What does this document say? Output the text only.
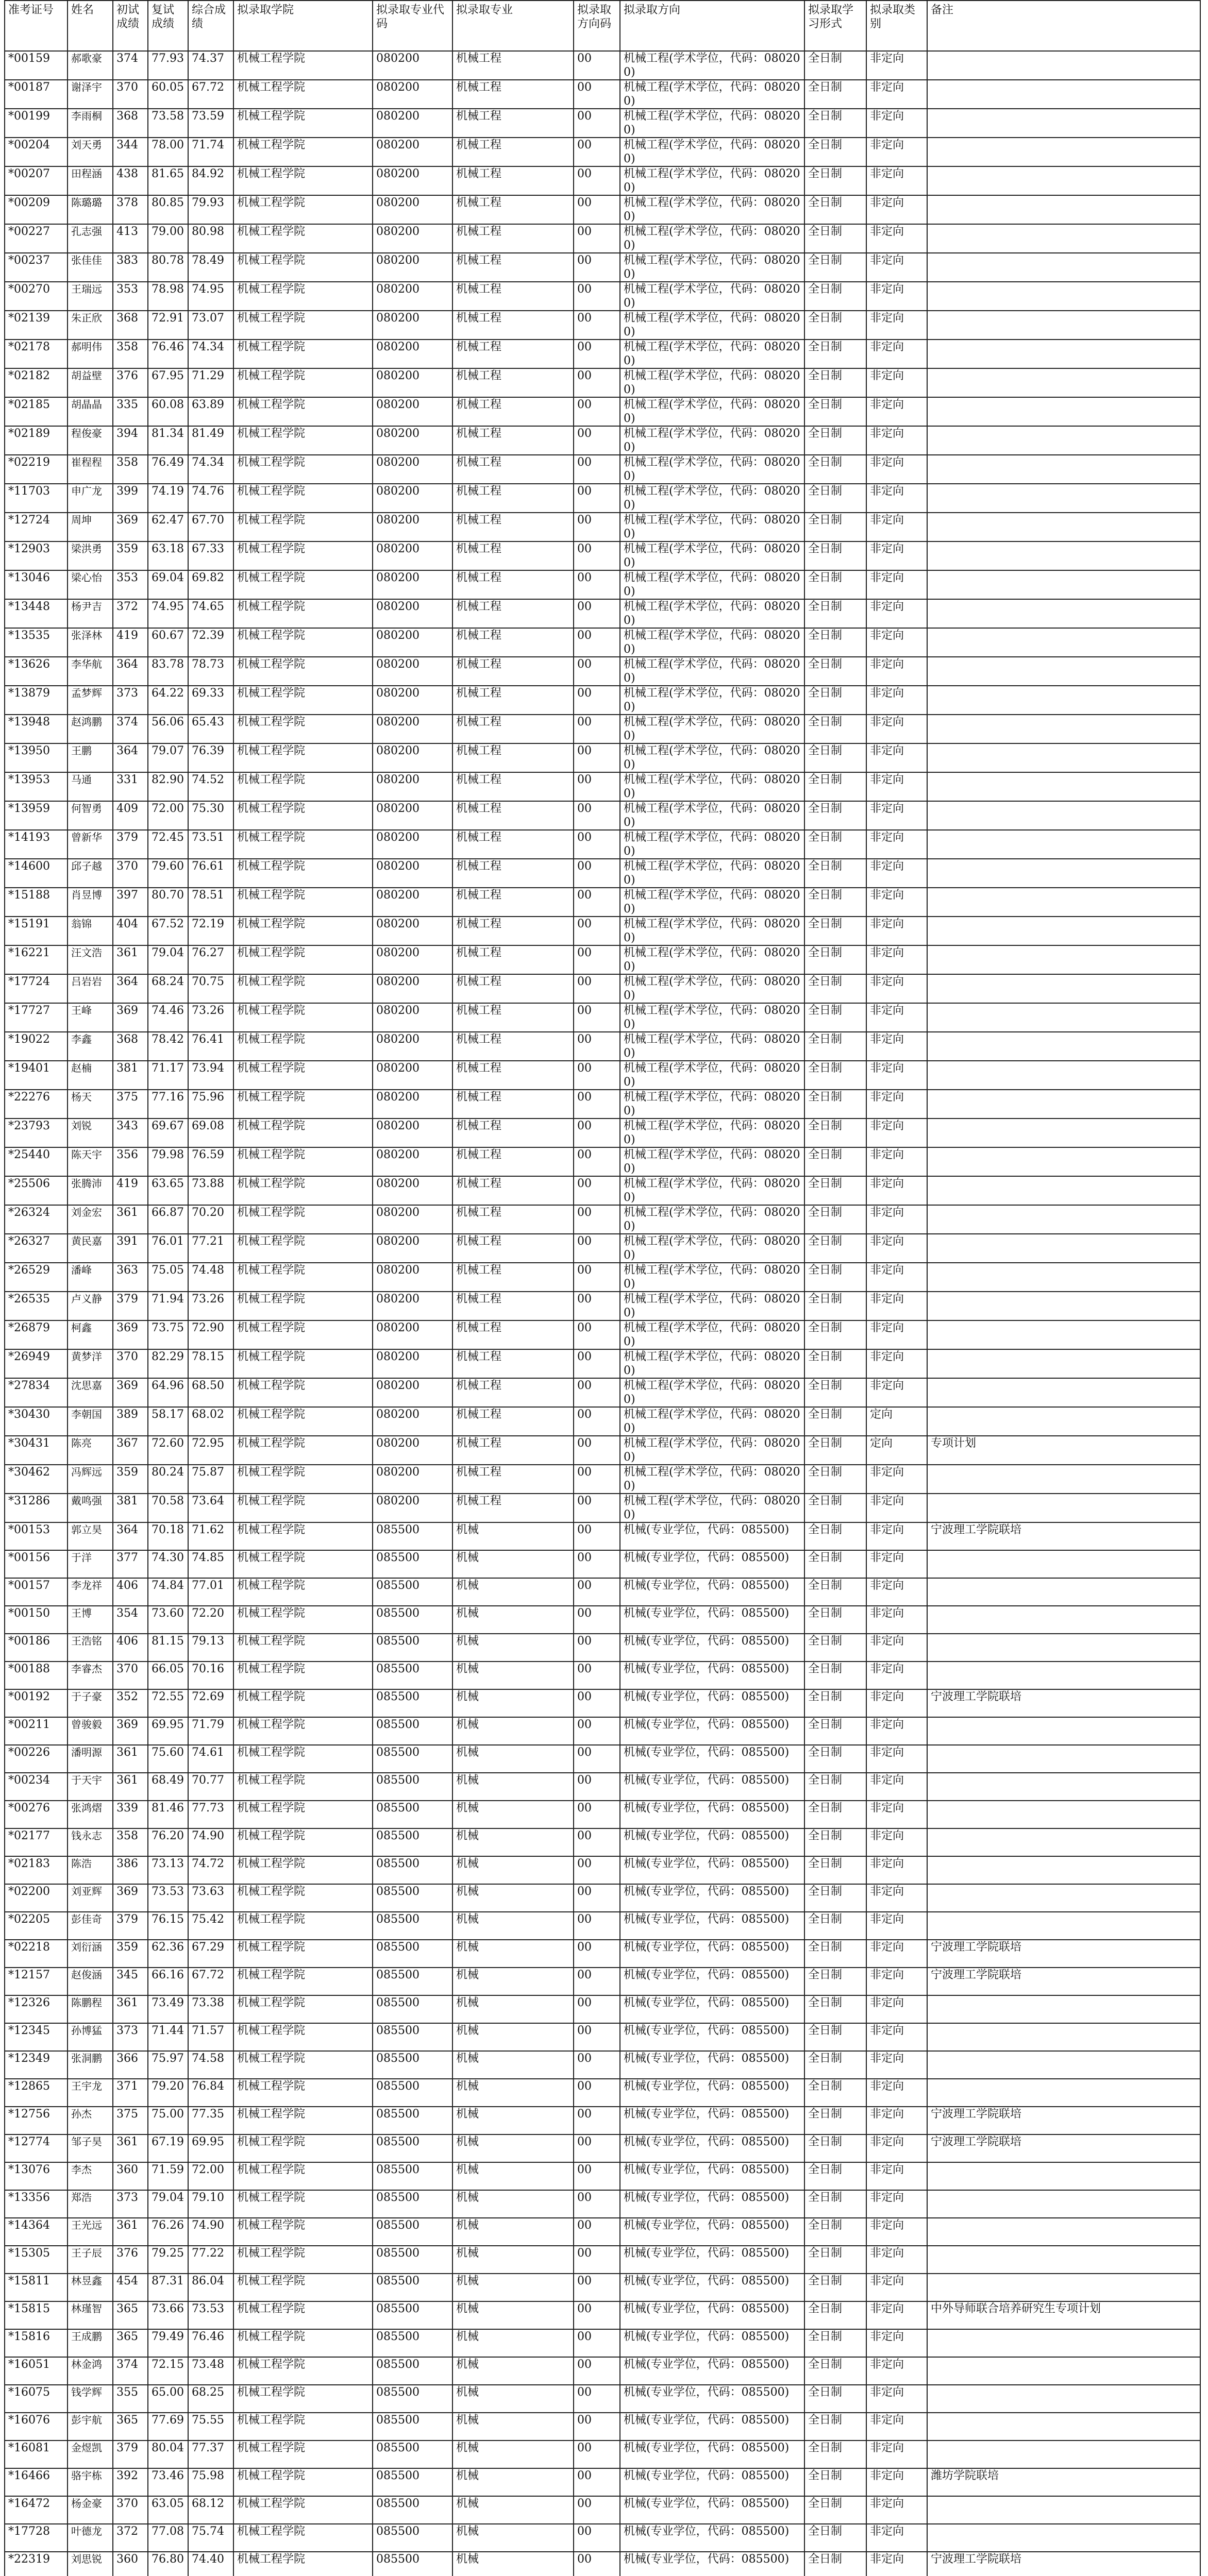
准考证号	姓名	初试成绩	复试成绩	综合成绩	拟录取学院	拟录取专业代码	拟录取专业	拟录取方向码	拟录取方向	拟录取学习形式	拟录取类别	备注
*00159	郝歌豪	374	77.93	74.37	机械工程学院	080200	机械工程	00	机械工程(学术学位，代码：080200)	全日制	非定向	
*00187	谢泽宇	370	60.05	67.72	机械工程学院	080200	机械工程	00	机械工程(学术学位，代码：080200)	全日制	非定向	
*00199	李雨桐	368	73.58	73.59	机械工程学院	080200	机械工程	00	机械工程(学术学位，代码：080200)	全日制	非定向	
*00204	刘天勇	344	78.00	71.74	机械工程学院	080200	机械工程	00	机械工程(学术学位，代码：080200)	全日制	非定向	
*00207	田程涵	438	81.65	84.92	机械工程学院	080200	机械工程	00	机械工程(学术学位，代码：080200)	全日制	非定向	
*00209	陈璐璐	378	80.85	79.93	机械工程学院	080200	机械工程	00	机械工程(学术学位，代码：080200)	全日制	非定向	
*00227	孔志强	413	79.00	80.98	机械工程学院	080200	机械工程	00	机械工程(学术学位，代码：080200)	全日制	非定向	
*00237	张佳佳	383	80.78	78.49	机械工程学院	080200	机械工程	00	机械工程(学术学位，代码：080200)	全日制	非定向	
*00270	王瑞远	353	78.98	74.95	机械工程学院	080200	机械工程	00	机械工程(学术学位，代码：080200)	全日制	非定向	
*02139	朱正欣	368	72.91	73.07	机械工程学院	080200	机械工程	00	机械工程(学术学位，代码：080200)	全日制	非定向	
*02178	郝明伟	358	76.46	74.34	机械工程学院	080200	机械工程	00	机械工程(学术学位，代码：080200)	全日制	非定向	
*02182	胡益壁	376	67.95	71.29	机械工程学院	080200	机械工程	00	机械工程(学术学位，代码：080200)	全日制	非定向	
*02185	胡晶晶	335	60.08	63.89	机械工程学院	080200	机械工程	00	机械工程(学术学位，代码：080200)	全日制	非定向	
*02189	程俊豪	394	81.34	81.49	机械工程学院	080200	机械工程	00	机械工程(学术学位，代码：080200)	全日制	非定向	
*02219	崔程程	358	76.49	74.34	机械工程学院	080200	机械工程	00	机械工程(学术学位，代码：080200)	全日制	非定向	
*11703	申广龙	399	74.19	74.76	机械工程学院	080200	机械工程	00	机械工程(学术学位，代码：080200)	全日制	非定向	
*12724	周坤	369	62.47	67.70	机械工程学院	080200	机械工程	00	机械工程(学术学位，代码：080200)	全日制	非定向	
*12903	梁洪勇	359	63.18	67.33	机械工程学院	080200	机械工程	00	机械工程(学术学位，代码：080200)	全日制	非定向	
*13046	梁心怡	353	69.04	69.82	机械工程学院	080200	机械工程	00	机械工程(学术学位，代码：080200)	全日制	非定向	
*13448	杨尹吉	372	74.95	74.65	机械工程学院	080200	机械工程	00	机械工程(学术学位，代码：080200)	全日制	非定向	
*13535	张泽林	419	60.67	72.39	机械工程学院	080200	机械工程	00	机械工程(学术学位，代码：080200)	全日制	非定向	
*13626	李华航	364	83.78	78.73	机械工程学院	080200	机械工程	00	机械工程(学术学位，代码：080200)	全日制	非定向	
*13879	孟梦辉	373	64.22	69.33	机械工程学院	080200	机械工程	00	机械工程(学术学位，代码：080200)	全日制	非定向	
*13948	赵鸿鹏	374	56.06	65.43	机械工程学院	080200	机械工程	00	机械工程(学术学位，代码：080200)	全日制	非定向	
*13950	王鹏	364	79.07	76.39	机械工程学院	080200	机械工程	00	机械工程(学术学位，代码：080200)	全日制	非定向	
*13953	马通	331	82.90	74.52	机械工程学院	080200	机械工程	00	机械工程(学术学位，代码：080200)	全日制	非定向	
*13959	何智勇	409	72.00	75.30	机械工程学院	080200	机械工程	00	机械工程(学术学位，代码：080200)	全日制	非定向	
*14193	曾新华	379	72.45	73.51	机械工程学院	080200	机械工程	00	机械工程(学术学位，代码：080200)	全日制	非定向	
*14600	邱子越	370	79.60	76.61	机械工程学院	080200	机械工程	00	机械工程(学术学位，代码：080200)	全日制	非定向	
*15188	肖昱博	397	80.70	78.51	机械工程学院	080200	机械工程	00	机械工程(学术学位，代码：080200)	全日制	非定向	
*15191	翁锦	404	67.52	72.19	机械工程学院	080200	机械工程	00	机械工程(学术学位，代码：080200)	全日制	非定向	
*16221	汪文浩	361	79.04	76.27	机械工程学院	080200	机械工程	00	机械工程(学术学位，代码：080200)	全日制	非定向	
*17724	吕岩岩	364	68.24	70.75	机械工程学院	080200	机械工程	00	机械工程(学术学位，代码：080200)	全日制	非定向	
*17727	王峰	369	74.46	73.26	机械工程学院	080200	机械工程	00	机械工程(学术学位，代码：080200)	全日制	非定向	
*19022	李鑫	368	78.42	76.41	机械工程学院	080200	机械工程	00	机械工程(学术学位，代码：080200)	全日制	非定向	
*19401	赵楠	381	71.17	73.94	机械工程学院	080200	机械工程	00	机械工程(学术学位，代码：080200)	全日制	非定向	
*22276	杨天	375	77.16	75.96	机械工程学院	080200	机械工程	00	机械工程(学术学位，代码：080200)	全日制	非定向	
*23793	刘锐	343	69.67	69.08	机械工程学院	080200	机械工程	00	机械工程(学术学位，代码：080200)	全日制	非定向	
*25440	陈天宇	356	79.98	76.59	机械工程学院	080200	机械工程	00	机械工程(学术学位，代码：080200)	全日制	非定向	
*25506	张腾沛	419	63.65	73.88	机械工程学院	080200	机械工程	00	机械工程(学术学位，代码：080200)	全日制	非定向	
*26324	刘金宏	361	66.87	70.20	机械工程学院	080200	机械工程	00	机械工程(学术学位，代码：080200)	全日制	非定向	
*26327	黄民嘉	391	76.01	77.21	机械工程学院	080200	机械工程	00	机械工程(学术学位，代码：080200)	全日制	非定向	
*26529	潘峰	363	75.05	74.48	机械工程学院	080200	机械工程	00	机械工程(学术学位，代码：080200)	全日制	非定向	
*26535	卢义静	379	71.94	73.26	机械工程学院	080200	机械工程	00	机械工程(学术学位，代码：080200)	全日制	非定向	
*26879	柯鑫	369	73.75	72.90	机械工程学院	080200	机械工程	00	机械工程(学术学位，代码：080200)	全日制	非定向	
*26949	黄梦洋	370	82.29	78.15	机械工程学院	080200	机械工程	00	机械工程(学术学位，代码：080200)	全日制	非定向	
*27834	沈思嘉	369	64.96	68.50	机械工程学院	080200	机械工程	00	机械工程(学术学位，代码：080200)	全日制	非定向	
*30430	李朝国	389	58.17	68.02	机械工程学院	080200	机械工程	00	机械工程(学术学位，代码：080200)	全日制	定向	
*30431	陈亮	367	72.60	72.95	机械工程学院	080200	机械工程	00	机械工程(学术学位，代码：080200)	全日制	定向	专项计划
*30462	冯辉远	359	80.24	75.87	机械工程学院	080200	机械工程	00	机械工程(学术学位，代码：080200)	全日制	非定向	
*31286	戴鸣强	381	70.58	73.64	机械工程学院	080200	机械工程	00	机械工程(学术学位，代码：080200)	全日制	非定向	
*00153	郭立昊	364	70.18	71.62	机械工程学院	085500	机械	00	机械(专业学位，代码：085500)	全日制	非定向	宁波理工学院联培
*00156	于洋	377	74.30	74.85	机械工程学院	085500	机械	00	机械(专业学位，代码：085500)	全日制	非定向	
*00157	李龙祥	406	74.84	77.01	机械工程学院	085500	机械	00	机械(专业学位，代码：085500)	全日制	非定向	
*00150	王博	354	73.60	72.20	机械工程学院	085500	机械	00	机械(专业学位，代码：085500)	全日制	非定向	
*00186	王浩铭	406	81.15	79.13	机械工程学院	085500	机械	00	机械(专业学位，代码：085500)	全日制	非定向	
*00188	李睿杰	370	66.05	70.16	机械工程学院	085500	机械	00	机械(专业学位，代码：085500)	全日制	非定向	
*00192	于子豪	352	72.55	72.69	机械工程学院	085500	机械	00	机械(专业学位，代码：085500)	全日制	非定向	宁波理工学院联培
*00211	曾骏毅	369	69.95	71.79	机械工程学院	085500	机械	00	机械(专业学位，代码：085500)	全日制	非定向	
*00226	潘明源	361	75.60	74.61	机械工程学院	085500	机械	00	机械(专业学位，代码：085500)	全日制	非定向	
*00234	于天宇	361	68.49	70.77	机械工程学院	085500	机械	00	机械(专业学位，代码：085500)	全日制	非定向	
*00276	张鸿熠	339	81.46	77.73	机械工程学院	085500	机械	00	机械(专业学位，代码：085500)	全日制	非定向	
*02177	钱永志	358	76.20	74.90	机械工程学院	085500	机械	00	机械(专业学位，代码：085500)	全日制	非定向	
*02183	陈浩	386	73.13	74.72	机械工程学院	085500	机械	00	机械(专业学位，代码：085500)	全日制	非定向	
*02200	刘亚辉	369	73.53	73.63	机械工程学院	085500	机械	00	机械(专业学位，代码：085500)	全日制	非定向	
*02205	彭佳奇	379	76.15	75.42	机械工程学院	085500	机械	00	机械(专业学位，代码：085500)	全日制	非定向	
*02218	刘衍涵	359	62.36	67.29	机械工程学院	085500	机械	00	机械(专业学位，代码：085500)	全日制	非定向	宁波理工学院联培
*12157	赵俊涵	345	66.16	67.72	机械工程学院	085500	机械	00	机械(专业学位，代码：085500)	全日制	非定向	宁波理工学院联培
*12326	陈鹏程	361	73.49	73.38	机械工程学院	085500	机械	00	机械(专业学位，代码：085500)	全日制	非定向	
*12345	孙博猛	373	71.44	71.57	机械工程学院	085500	机械	00	机械(专业学位，代码：085500)	全日制	非定向	
*12349	张洞鹏	366	75.97	74.58	机械工程学院	085500	机械	00	机械(专业学位，代码：085500)	全日制	非定向	
*12865	王宇龙	371	79.20	76.84	机械工程学院	085500	机械	00	机械(专业学位，代码：085500)	全日制	非定向	
*12756	孙杰	375	75.00	77.35	机械工程学院	085500	机械	00	机械(专业学位，代码：085500)	全日制	非定向	宁波理工学院联培
*12774	邹子昊	361	67.19	69.95	机械工程学院	085500	机械	00	机械(专业学位，代码：085500)	全日制	非定向	宁波理工学院联培
*13076	李杰	360	71.59	72.00	机械工程学院	085500	机械	00	机械(专业学位，代码：085500)	全日制	非定向	
*13356	郑浩	373	79.04	79.10	机械工程学院	085500	机械	00	机械(专业学位，代码：085500)	全日制	非定向	
*14364	王光远	361	76.26	74.90	机械工程学院	085500	机械	00	机械(专业学位，代码：085500)	全日制	非定向	
*15305	王子辰	376	79.25	77.22	机械工程学院	085500	机械	00	机械(专业学位，代码：085500)	全日制	非定向	
*15811	林昱鑫	454	87.31	86.04	机械工程学院	085500	机械	00	机械(专业学位，代码：085500)	全日制	非定向	
*15815	林瑾智	365	73.66	73.53	机械工程学院	085500	机械	00	机械(专业学位，代码：085500)	全日制	非定向	中外导师联合培养研究生专项计划
*15816	王成鹏	365	79.49	76.46	机械工程学院	085500	机械	00	机械(专业学位，代码：085500)	全日制	非定向	
*16051	林金鸿	374	72.15	73.48	机械工程学院	085500	机械	00	机械(专业学位，代码：085500)	全日制	非定向	
*16075	钱学辉	355	65.00	68.25	机械工程学院	085500	机械	00	机械(专业学位，代码：085500)	全日制	非定向	
*16076	彭宇航	365	77.69	75.55	机械工程学院	085500	机械	00	机械(专业学位，代码：085500)	全日制	非定向	
*16081	金煜凯	379	80.04	77.37	机械工程学院	085500	机械	00	机械(专业学位，代码：085500)	全日制	非定向	
*16466	骆宇栋	392	73.46	75.98	机械工程学院	085500	机械	00	机械(专业学位，代码：085500)	全日制	非定向	潍坊学院联培
*16472	杨金豪	370	63.05	68.12	机械工程学院	085500	机械	00	机械(专业学位，代码：085500)	全日制	非定向	
*17728	叶德龙	372	77.08	75.74	机械工程学院	085500	机械	00	机械(专业学位，代码：085500)	全日制	非定向	
*22319	刘思锐	360	76.80	74.40	机械工程学院	085500	机械	00	机械(专业学位，代码：085500)	全日制	非定向	宁波理工学院联培
